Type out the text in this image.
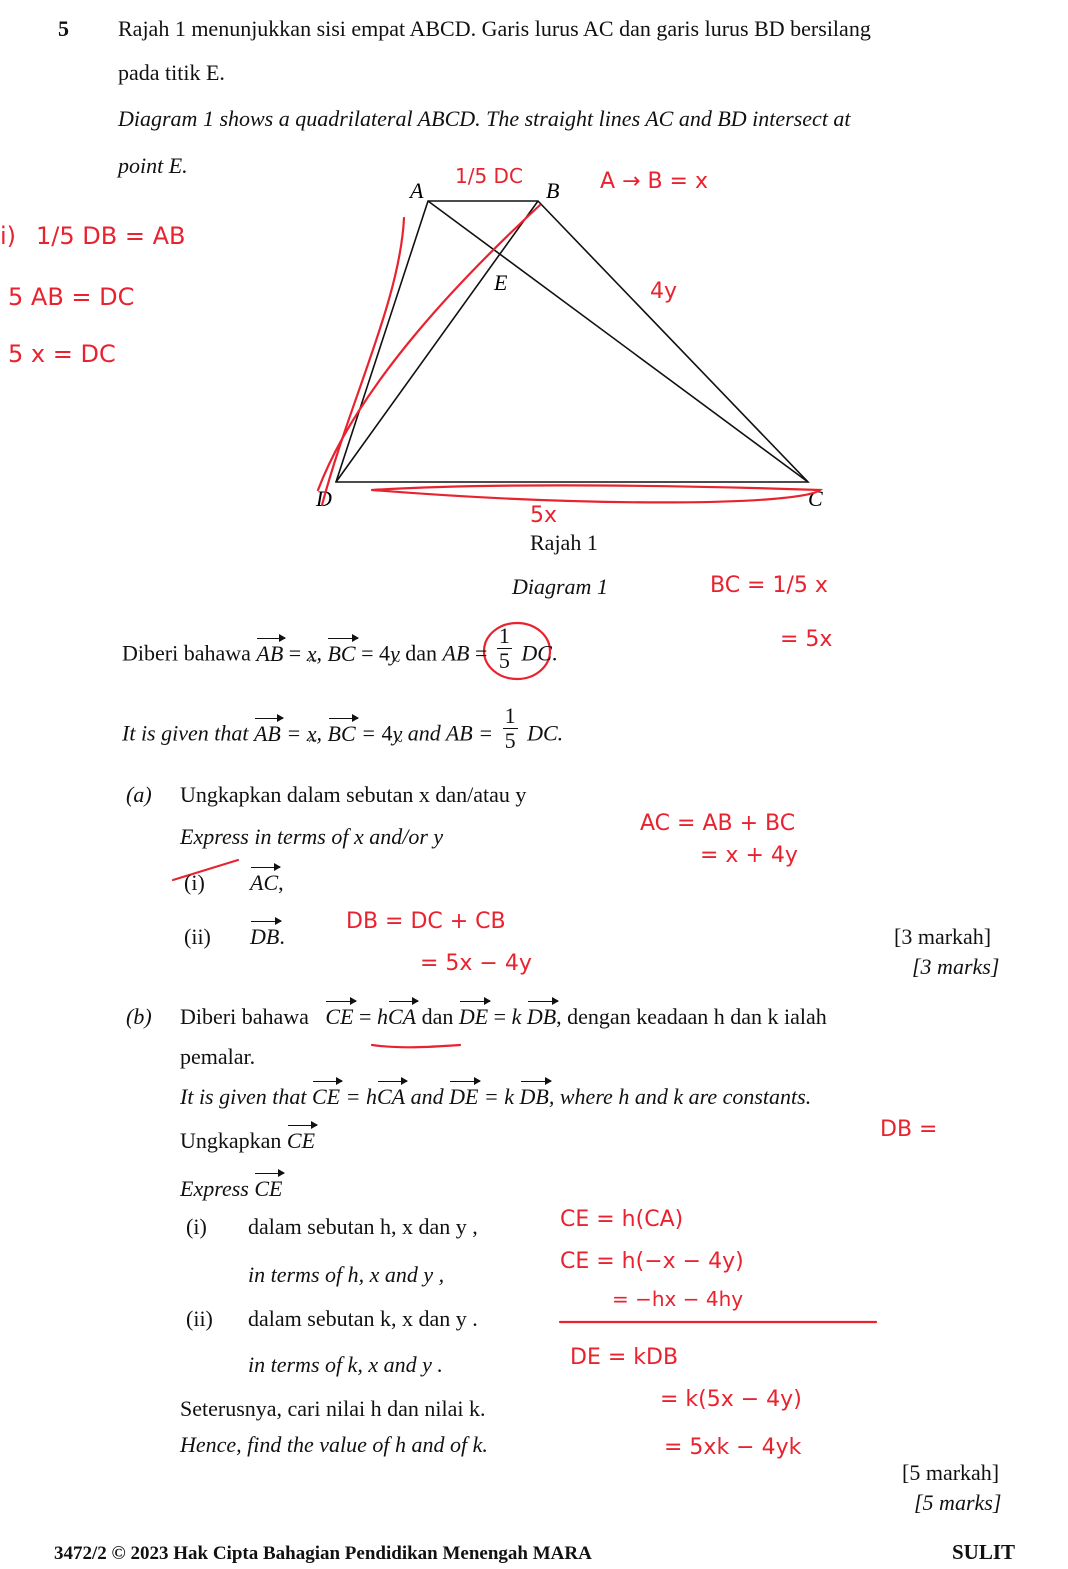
5 Rajah 1 menunjukkan sisi empat ABCD. Garis lurus AC dan garis lurus BD bersilang
pada titik E.
Diagram 1 shows a quadrilateral ABCD. The straight lines AC and BD intersect at
point E.
A	B
C
D
E
i) 1/5 DB = AB
5 AB = DC
5 x = DC
1/5 DC	A → B = x
4y
5x
BC = 1/5 x
= 5x
AC = AB + BC
= x + 4y
DB = DC + CB
= 5x − 4y
DB =
CE = h(CA)
CE = h(−x − 4y)
= −hx − 4hy
DE = kDB
= k(5x − 4y)
= 5xk − 4yk
Rajah 1
Diagram 1
Diberi bahawa AB = x ~, BC = 4y ~ dan AB = $\frac{1}{5}$ DC.
It is given that AB = x ~, BC = 4y ~ and AB = $\frac{1}{5}$ DC.
(a) Ungkapkan dalam sebutan x dan/atau y
Express in terms of x and/or y
(i) AC,
(ii) DB.	[3 markah]
[3 marks]
(b) Diberi bahawa CE = hCA dan DE = k DB, dengan keadaan h dan k ialah
pemalar.
It is given that CE = hCA and DE = k DB, where h and k are constants.
Ungkapkan CE
Express CE
(i) dalam sebutan h, x dan y ,
in terms of h, x and y ,
(ii) dalam sebutan k, x dan y .
in terms of k, x and y .
Seterusnya, cari nilai h dan nilai k.
Hence, find the value of h and of k.
[5 markah]
[5 marks]
3472/2 © 2023 Hak Cipta Bahagian Pendidikan Menengah MARA	SULIT
